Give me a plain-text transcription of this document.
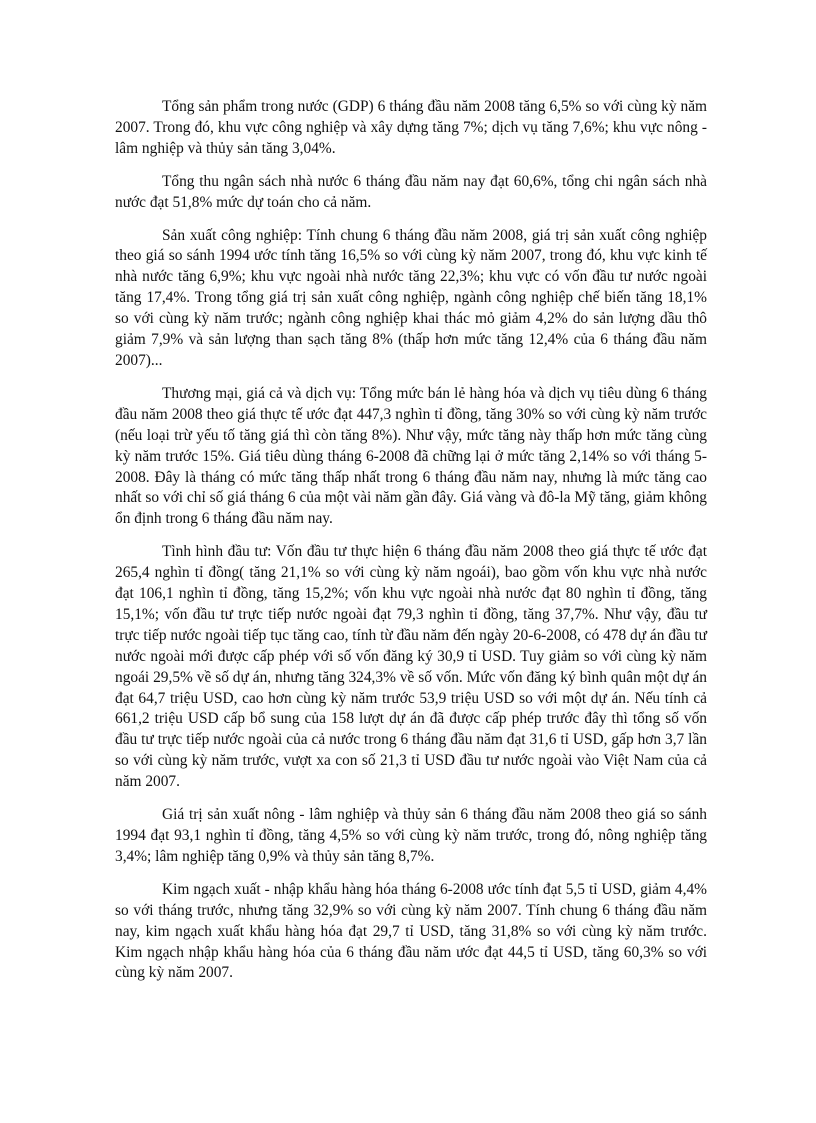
Tổng sản phẩm trong nước (GDP) 6 tháng đầu năm 2008 tăng 6,5% so với cùng kỳ năm 2007. Trong đó, khu vực công nghiệp và xây dựng tăng 7%; dịch vụ tăng 7,6%; khu vực nông - lâm nghiệp và thủy sản tăng 3,04%.

Tổng thu ngân sách nhà nước 6 tháng đầu năm nay đạt 60,6%, tổng chi ngân sách nhà nước đạt 51,8% mức dự toán cho cả năm.

Sản xuất công nghiệp: Tính chung 6 tháng đầu năm 2008, giá trị sản xuất công nghiệp theo giá so sánh 1994 ước tính tăng 16,5% so với cùng kỳ năm 2007, trong đó, khu vực kinh tế nhà nước tăng 6,9%; khu vực ngoài nhà nước tăng 22,3%; khu vực có vốn đầu tư nước ngoài tăng 17,4%. Trong tổng giá trị sản xuất công nghiệp, ngành công nghiệp chế biến tăng 18,1% so với cùng kỳ năm trước; ngành công nghiệp khai thác mỏ giảm 4,2% do sản lượng dầu thô giảm 7,9% và sản lượng than sạch tăng 8% (thấp hơn mức tăng 12,4% của 6 tháng đầu năm 2007)...

Thương mại, giá cả và dịch vụ: Tổng mức bán lẻ hàng hóa và dịch vụ tiêu dùng 6 tháng đầu năm 2008 theo giá thực tế ước đạt 447,3 nghìn tỉ đồng, tăng 30% so với cùng kỳ năm trước (nếu loại trừ yếu tố tăng giá thì còn tăng 8%). Như vậy, mức tăng này thấp hơn mức tăng cùng kỳ năm trước 15%. Giá tiêu dùng tháng 6-2008 đã chững lại ở mức tăng 2,14% so với tháng 5-2008. Đây là tháng có mức tăng thấp nhất trong 6 tháng đầu năm nay, nhưng là mức tăng cao nhất so với chỉ số giá tháng 6 của một vài năm gần đây. Giá vàng và đô-la Mỹ tăng, giảm không ổn định trong 6 tháng đầu năm nay.

Tình hình đầu tư: Vốn đầu tư thực hiện 6 tháng đầu năm 2008 theo giá thực tế ước đạt 265,4 nghìn tỉ đồng( tăng 21,1% so với cùng kỳ năm ngoái), bao gồm vốn khu vực nhà nước đạt 106,1 nghìn tỉ đồng, tăng 15,2%; vốn khu vực ngoài nhà nước đạt 80 nghìn tỉ đồng, tăng 15,1%; vốn đầu tư trực tiếp nước ngoài đạt 79,3 nghìn tỉ đồng, tăng 37,7%. Như vậy, đầu tư trực tiếp nước ngoài tiếp tục tăng cao, tính từ đầu năm đến ngày 20-6-2008, có 478 dự án đầu tư nước ngoài mới được cấp phép với số vốn đăng ký 30,9 tỉ USD. Tuy giảm so với cùng kỳ năm ngoái 29,5% về số dự án, nhưng tăng 324,3% về số vốn. Mức vốn đăng ký bình quân một dự án đạt 64,7 triệu USD, cao hơn cùng kỳ năm trước 53,9 triệu USD so với một dự án. Nếu tính cả 661,2 triệu USD cấp bổ sung của 158 lượt dự án đã được cấp phép trước đây thì tổng số vốn đầu tư trực tiếp nước ngoài của cả nước trong 6 tháng đầu năm đạt 31,6 tỉ USD, gấp hơn 3,7 lần so với cùng kỳ năm trước, vượt xa con số 21,3 tỉ USD đầu tư nước ngoài vào Việt Nam của cả năm 2007.

Giá trị sản xuất nông - lâm nghiệp và thủy sản 6 tháng đầu năm 2008 theo giá so sánh 1994 đạt 93,1 nghìn tỉ đồng, tăng 4,5% so với cùng kỳ năm trước, trong đó, nông nghiệp tăng 3,4%; lâm nghiệp tăng 0,9% và thủy sản tăng 8,7%.

Kim ngạch xuất - nhập khẩu hàng hóa tháng 6-2008 ước tính đạt 5,5 tỉ USD, giảm 4,4% so với tháng trước, nhưng tăng 32,9% so với cùng kỳ năm 2007. Tính chung 6 tháng đầu năm nay, kim ngạch xuất khẩu hàng hóa đạt 29,7 tỉ USD, tăng 31,8% so với cùng kỳ năm trước. Kim ngạch nhập khẩu hàng hóa của 6 tháng đầu năm ước đạt 44,5 tỉ USD, tăng 60,3% so với cùng kỳ năm 2007.
